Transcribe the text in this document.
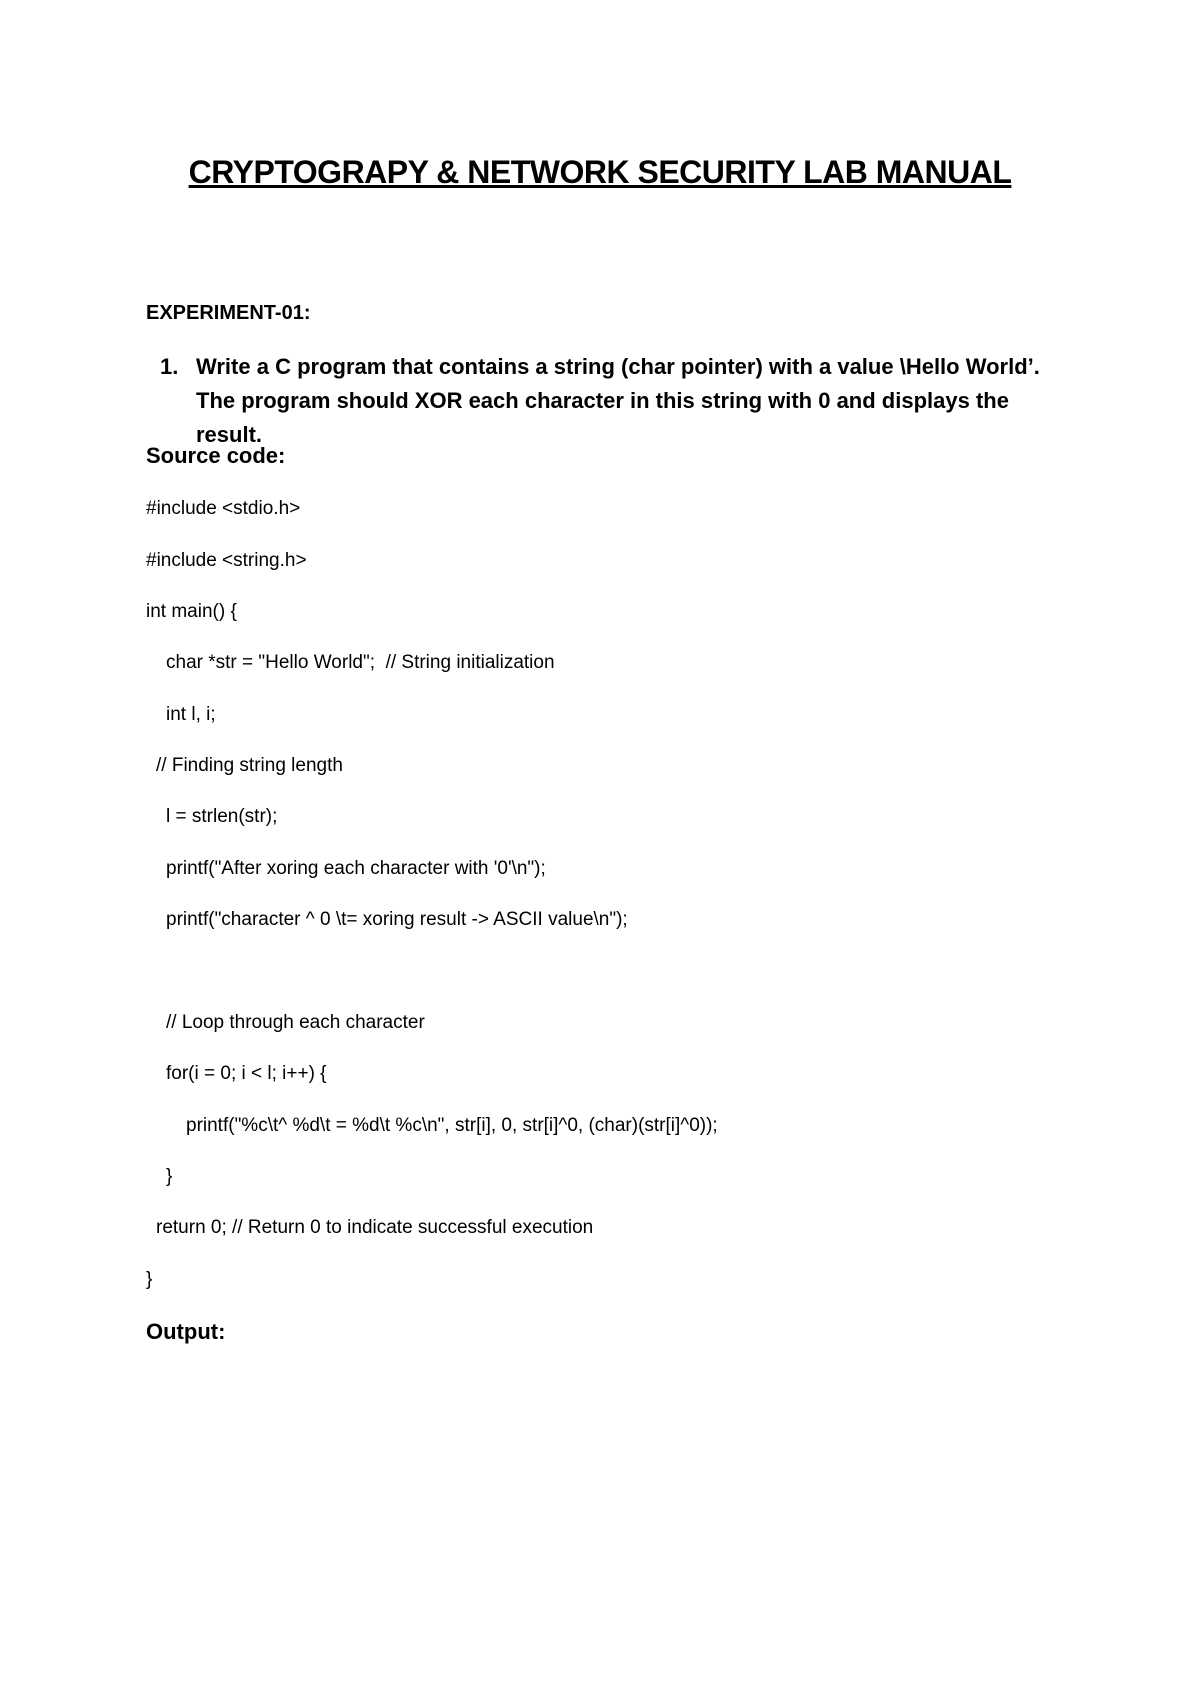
CRYPTOGRAPY & NETWORK SECURITY LAB MANUAL

EXPERIMENT-01:

1. Write a C program that contains a string (char pointer) with a value \Hello World’.
The program should XOR each character in this string with 0 and displays the result.

Source code:

#include <stdio.h>

#include <string.h>

int main() {

char *str = "Hello World";  // String initialization

int l, i;

// Finding string length

l = strlen(str);

printf("After xoring each character with '0'\n");

printf("character ^ 0 \t= xoring result -> ASCII value\n");

// Loop through each character

for(i = 0; i < l; i++) {

printf("%c\t^ %d\t = %d\t %c\n", str[i], 0, str[i]^0, (char)(str[i]^0));

}

return 0; // Return 0 to indicate successful execution

}

Output:
